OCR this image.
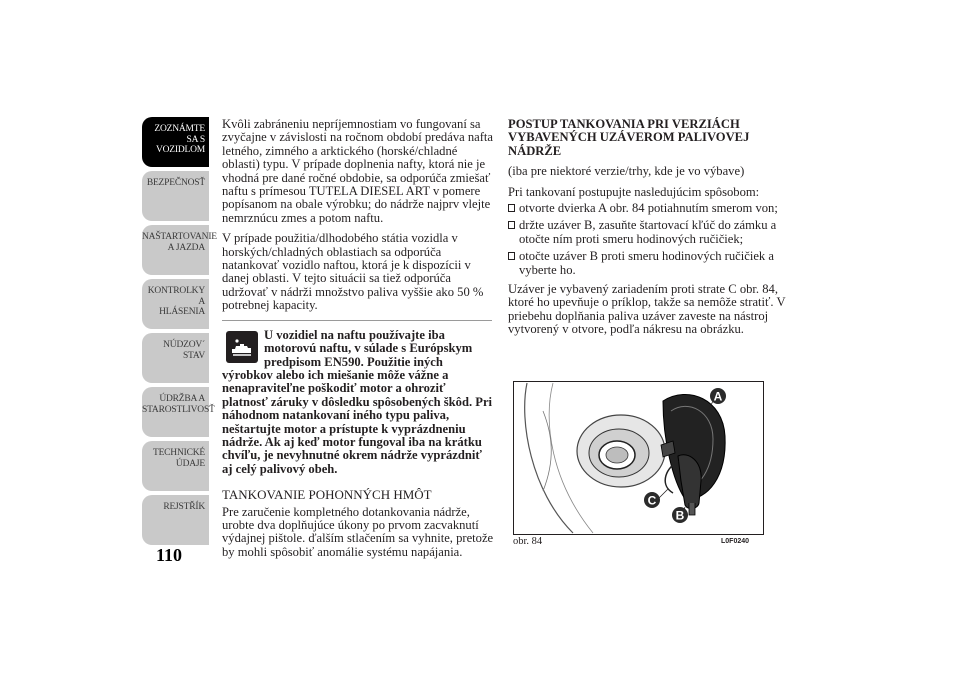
ZOZNÁMTE SA S
VOZIDLOM
BEZPEČNOSŤ
NAŠTARTOVANIE
A JAZDA
KONTROLKY A
HLÁSENIA
NÚDZOV´ STAV
ÚDRŽBA A
STAROSTLIVOSŤ
TECHNICKÉ
ÚDAJE
REJSTŘÍK
110

Kvôli zabráneniu nepríjemnostiam vo fungovaní sa zvyčajne v závislosti na ročnom období predáva nafta letného, zimného a arktického (horské/chladné oblasti) typu. V prípade doplnenia nafty, ktorá nie je vhodná pre dané ročné obdobie, sa odporúča zmiešať naftu s prímesou TUTELA DIESEL ART v pomere popísanom na obale výrobku; do nádrže najprv vlejte nemrznúcu zmes a potom naftu.

V prípade použitia/dlhodobého státia vozidla v horských/chladných oblastiach sa odporúča natankovať vozidlo naftou, ktorá je k dispozícii v danej oblasti. V tejto situácii sa tiež odporúča udržovať v nádrži množstvo paliva vyššie ako 50 % potrebnej kapacity.

U vozidiel na naftu používajte iba motorovú naftu, v súlade s Európskym predpisom EN590. Použitie iných výrobkov alebo ich miešanie môže vážne a nenapraviteľne poškodiť motor a ohroziť platnosť záruky v dôsledku spôsobených škôd. Pri náhodnom natankovaní iného typu paliva, neštartujte motor a prístupte k vyprázdneniu nádrže. Ak aj keď motor fungoval iba na krátku chvíľu, je nevyhnutné okrem nádrže vyprázdniť aj celý palivový obeh.

TANKOVANIE POHONNÝCH HMÔT

Pre zaručenie kompletného dotankovania nádrže, urobte dva doplňujúce úkony po prvom zacvaknutí výdajnej pištole. ďalším stlačením sa vyhnite, pretože by mohli spôsobiť anomálie systému napájania.

POSTUP TANKOVANIA PRI VERZIÁCH VYBAVENÝCH UZÁVEROM PALIVOVEJ NÁDRŽE

(iba pre niektoré verzie/trhy, kde je vo výbave)

Pri tankovaní postupujte nasledujúcim spôsobom:

otvorte dvierka A obr. 84 potiahnutím smerom von;
držte uzáver B, zasuňte štartovací kľúč do zámku a otočte ním proti smeru hodinových ručičiek;
otočte uzáver B proti smeru hodinových ručičiek a vyberte ho.

Uzáver je vybavený zariadením proti strate C obr. 84, ktoré ho upevňuje o príklop, takže sa nemôže stratiť. V priebehu doplňania paliva uzáver zaveste na nástroj vytvorený v otvore, podľa nákresu na obrázku.

A
B
C
obr. 84	L0F0240
